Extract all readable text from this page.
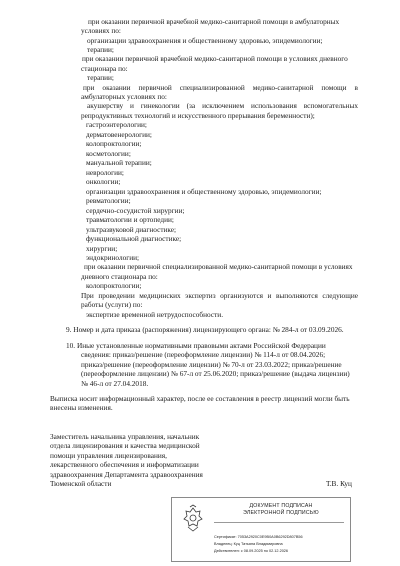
при оказании первичной врачебной медико-санитарной помощи в амбулаторных
условиях по:
организации здравоохранения и общественному здоровью, эпидемиологии;
терапии;
при оказании первичной врачебной медико-санитарной помощи в условиях дневного
стационара по:
терапии;
при оказании первичной специализированной медико-санитарной помощи в
амбулаторных условиях по:
акушерству и гинекологии (за исключением использования вспомогательных
репродуктивных технологий и искусственного прерывания беременности);
гастроэнтерологии;
дерматовенерологии;
колопроктологии;
косметологии;
мануальной терапии;
неврологии;
онкологии;
организации здравоохранения и общественному здоровью, эпидемиологии;
ревматологии;
сердечно-сосудистой хирургии;
травматологии и ортопедии;
ультразвуковой диагностике;
функциональной диагностике;
хирургии;
эндокринологии;
при оказании первичной специализированной медико-санитарной помощи в условиях
дневного стационара по:
колопроктологии;
При проведении медицинских экспертиз организуются и выполняются следующие
работы (услуги) по:
экспертизе временной нетрудоспособности.
9. Номер и дата приказа (распоряжения) лицензирующего органа: № 284-л от 03.09.2026.
10. Иные установленные нормативными правовыми актами Российской Федерации
сведения: приказ/решение (переоформление лицензии) № 114-л от 08.04.2026;
приказ/решение (переоформление лицензии) № 70-л от 23.03.2022; приказ/решение
(переоформление лицензии) № 67-л от 25.06.2020; приказ/решение (выдача лицензии)
№ 46-л от 27.04.2018.
Выписка носит информационный характер, после ее составления в реестр лицензий могли быть
внесены изменения.
Заместитель начальника управления, начальник
отдела лицензирования и качества медицинской
помощи управления лицензирования,
лекарственного обеспечения и информатизации
здравоохранения Департамента здравоохранения
Тюменской области	Т.В. Куц
ДОКУМЕНТ ПОДПИСАН
ЭЛЕКТРОННОЙ ПОДПИСЬЮ
Сертификат: 7053A2920C0E9B0A0B6292D807B56
Владелец: Куц Татьяна Владимировна
Действителен: с 08.09.2025 по 02.12.2026
